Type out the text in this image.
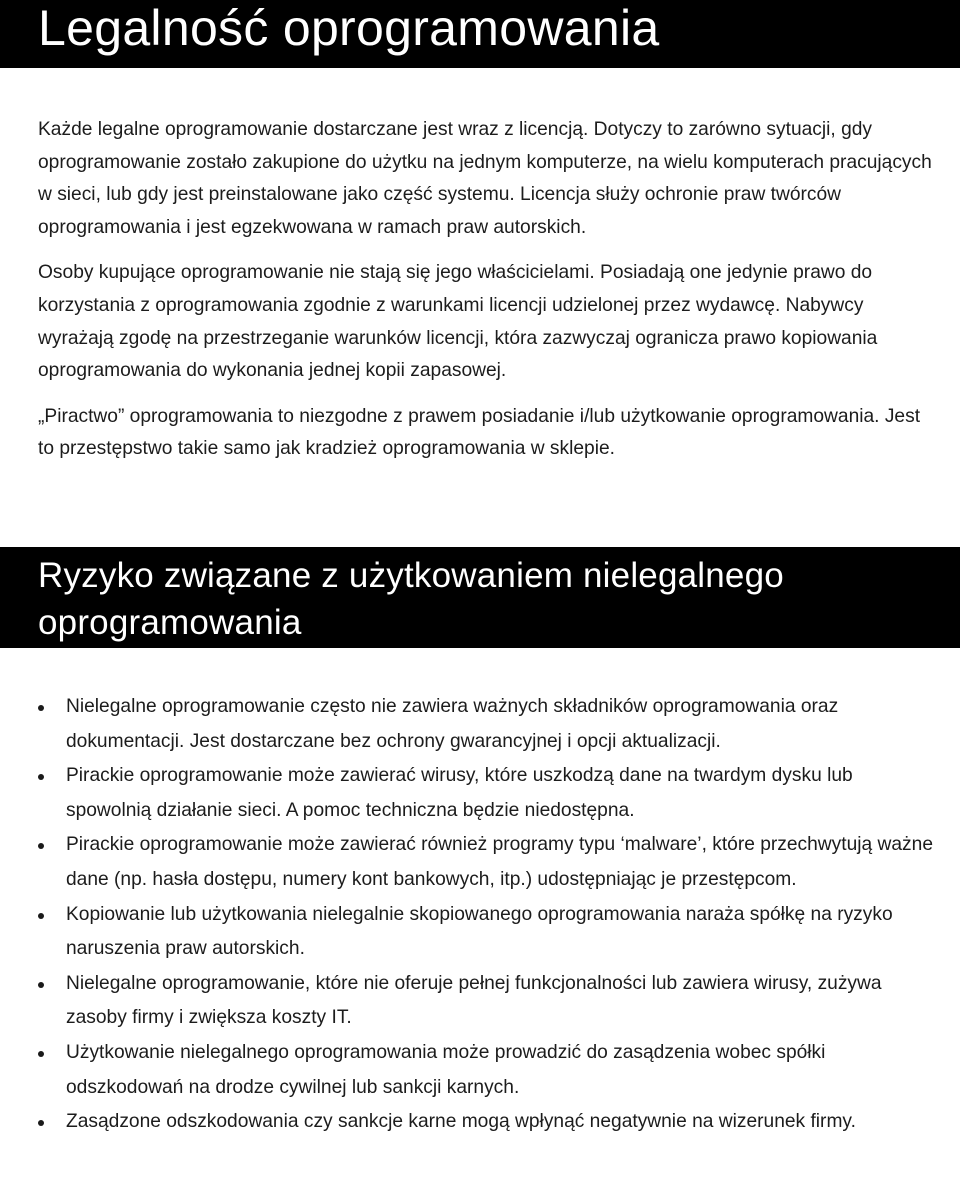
Legalność oprogramowania

Każde legalne oprogramowanie dostarczane jest wraz z licencją. Dotyczy to zarówno sytuacji, gdy oprogramowanie zostało zakupione do użytku na jednym komputerze, na wielu komputerach pracujących w sieci, lub gdy jest preinstalowane jako część systemu. Licencja służy ochronie praw twórców oprogramowania i jest egzekwowana w ramach praw autorskich.

Osoby kupujące oprogramowanie nie stają się jego właścicielami. Posiadają one jedynie prawo do korzystania z oprogramowania zgodnie z warunkami licencji udzielonej przez wydawcę. Nabywcy wyrażają zgodę na przestrzeganie warunków licencji, która zazwyczaj ogranicza prawo kopiowania oprogramowania do wykonania jednej kopii zapasowej.

„Piractwo” oprogramowania to niezgodne z prawem posiadanie i/lub użytkowanie oprogramowania. Jest to przestępstwo takie samo jak kradzież oprogramowania w sklepie.

Ryzyko związane z użytkowaniem nielegalnego oprogramowania
Nielegalne oprogramowanie często nie zawiera ważnych składników oprogramowania oraz dokumentacji. Jest dostarczane bez ochrony gwarancyjnej i opcji aktualizacji.
Pirackie oprogramowanie może zawierać wirusy, które uszkodzą dane na twardym dysku lub spowolnią działanie sieci. A pomoc techniczna będzie niedostępna.
Pirackie oprogramowanie może zawierać również programy typu ‘malware’, które przechwytują ważne dane (np. hasła dostępu, numery kont bankowych, itp.) udostępniając je przestępcom.
Kopiowanie lub użytkowania nielegalnie skopiowanego oprogramowania naraża spółkę na ryzyko naruszenia praw autorskich.
Nielegalne oprogramowanie, które nie oferuje pełnej funkcjonalności lub zawiera wirusy, zużywa zasoby firmy i zwiększa koszty IT.
Użytkowanie nielegalnego oprogramowania może prowadzić do zasądzenia wobec spółki odszkodowań na drodze cywilnej lub sankcji karnych.
Zasądzone odszkodowania czy sankcje karne mogą wpłynąć negatywnie na wizerunek firmy.
